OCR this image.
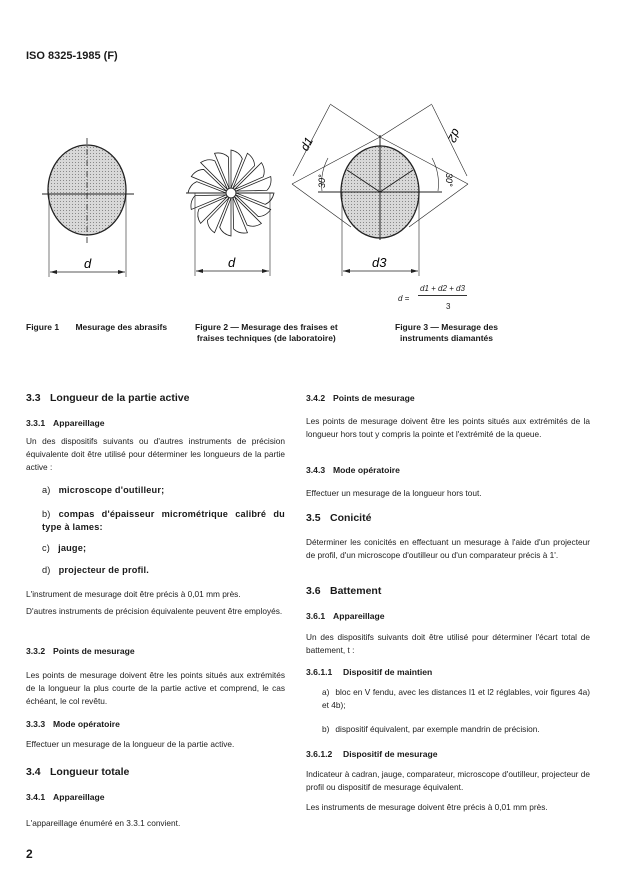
ISO 8325-1985 (F)
d	d	d3
d1	d2
30°	30°
d =
d1 + d2 + d3
3
Figure 1 Mesurage des abrasifs	Figure 2 — Mesurage des fraises et
fraises techniques (de laboratoire)
Figure 3 — Mesurage des
instruments diamantés
3.3 Longueur de la partie active
3.3.1 Appareillage
Un des dispositifs suivants ou d'autres instruments de précision équivalente doit être utilisé pour déterminer les longueurs de la partie active :
a) microscope d'outilleur;
b) compas d'épaisseur micrométrique calibré du type à lames:
c) jauge;
d) projecteur de profil.
L'instrument de mesurage doit être précis à 0,01 mm près.
D'autres instruments de précision équivalente peuvent être employés.
3.3.2 Points de mesurage
Les points de mesurage doivent être les points situés aux extrémités de la longueur la plus courte de la partie active et comprend, le cas échéant, le col revêtu.
3.3.3 Mode opératoire
Effectuer un mesurage de la longueur de la partie active.
3.4 Longueur totale
3.4.1 Appareillage
L'appareillage énuméré en 3.3.1 convient.
2
3.4.2 Points de mesurage
Les points de mesurage doivent être les points situés aux extrémités de la longueur hors tout y compris la pointe et l'extrémité de la queue.
3.4.3 Mode opératoire
Effectuer un mesurage de la longueur hors tout.
3.5 Conicité
Déterminer les conicités en effectuant un mesurage à l'aide d'un projecteur de profil, d'un microscope d'outilleur ou d'un comparateur précis à 1'.
3.6 Battement
3.6.1 Appareillage
Un des dispositifs suivants doit être utilisé pour déterminer l'écart total de battement, t :
3.6.1.1 Dispositif de maintien
a) bloc en V fendu, avec les distances l1 et l2 réglables, voir figures 4a) et 4b);
b) dispositif équivalent, par exemple mandrin de précision.
3.6.1.2 Dispositif de mesurage
Indicateur à cadran, jauge, comparateur, microscope d'outilleur, projecteur de profil ou dispositif de mesurage équivalent.
Les instruments de mesurage doivent être précis à 0,01 mm près.
